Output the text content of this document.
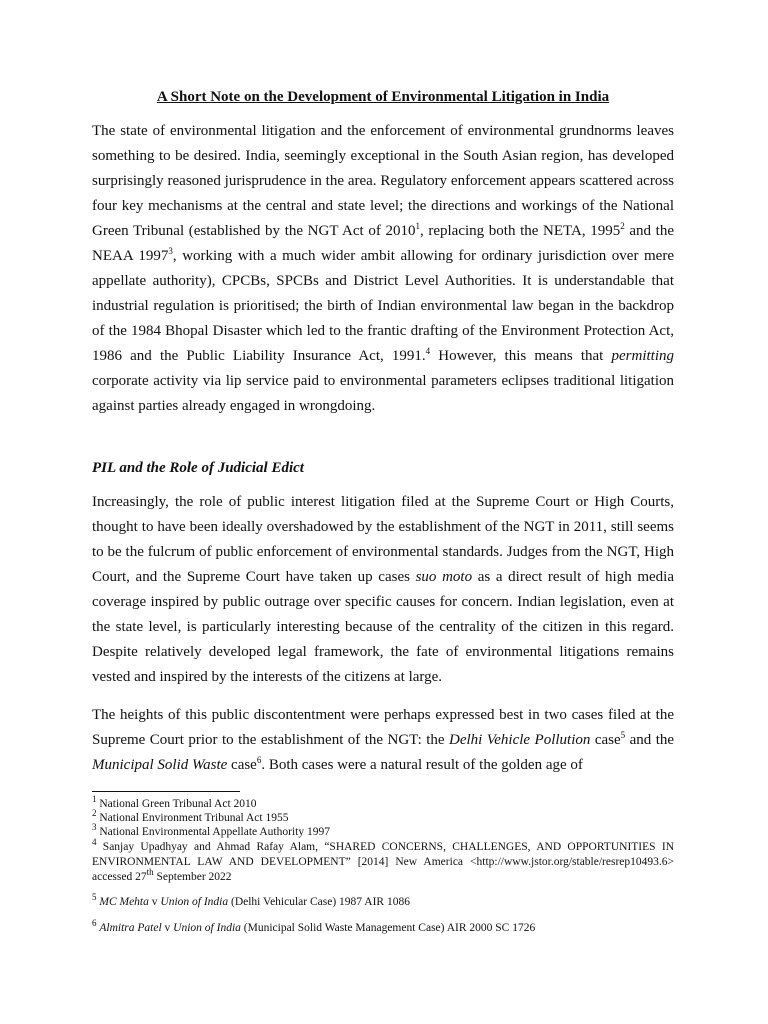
A Short Note on the Development of Environmental Litigation in India

The state of environmental litigation and the enforcement of environmental grundnorms leaves something to be desired. India, seemingly exceptional in the South Asian region, has developed surprisingly reasoned jurisprudence in the area. Regulatory enforcement appears scattered across four key mechanisms at the central and state level; the directions and workings of the National Green Tribunal (established by the NGT Act of 2010$^1$, replacing both the NETA, 1995$^2$ and the NEAA 1997$^3$, working with a much wider ambit allowing for ordinary jurisdiction over mere appellate authority), CPCBs, SPCBs and District Level Authorities. It is understandable that industrial regulation is prioritised; the birth of Indian environmental law began in the backdrop of the 1984 Bhopal Disaster which led to the frantic drafting of the Environment Protection Act, 1986 and the Public Liability Insurance Act, 1991.$^4$ However, this means that permitting corporate activity via lip service paid to environmental parameters eclipses traditional litigation against parties already engaged in wrongdoing.

PIL and the Role of Judicial Edict

Increasingly, the role of public interest litigation filed at the Supreme Court or High Courts, thought to have been ideally overshadowed by the establishment of the NGT in 2011, still seems to be the fulcrum of public enforcement of environmental standards. Judges from the NGT, High Court, and the Supreme Court have taken up cases suo moto as a direct result of high media coverage inspired by public outrage over specific causes for concern. Indian legislation, even at the state level, is particularly interesting because of the centrality of the citizen in this regard. Despite relatively developed legal framework, the fate of environmental litigations remains vested and inspired by the interests of the citizens at large.

The heights of this public discontentment were perhaps expressed best in two cases filed at the Supreme Court prior to the establishment of the NGT: the Delhi Vehicle Pollution case$^5$ and the Municipal Solid Waste case$^6$. Both cases were a natural result of the golden age of

$^1$ National Green Tribunal Act 2010

$^2$ National Environment Tribunal Act 1955

$^3$ National Environmental Appellate Authority 1997

$^4$ Sanjay Upadhyay and Ahmad Rafay Alam, “SHARED CONCERNS, CHALLENGES, AND OPPORTUNITIES IN ENVIRONMENTAL LAW AND DEVELOPMENT” [2014] New America <http://www.jstor.org/stable/resrep10493.6> accessed 27th September 2022

$^5$ MC Mehta v Union of India (Delhi Vehicular Case) 1987 AIR 1086

$^6$ Almitra Patel v Union of India (Municipal Solid Waste Management Case) AIR 2000 SC 1726
